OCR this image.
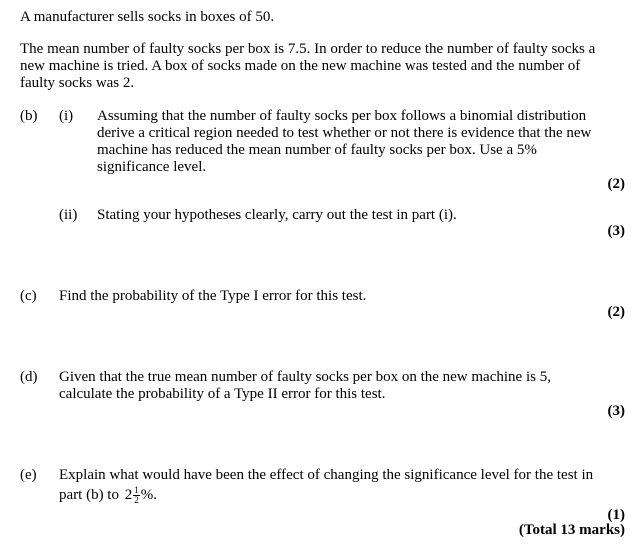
A manufacturer sells socks in boxes of 50.
The mean number of faulty socks per box is 7.5. In order to reduce the number of faulty socks a
new machine is tried. A box of socks made on the new machine was tested and the number of
faulty socks was 2.
(b) (i) Assuming that the number of faulty socks per box follows a binomial distribution
derive a critical region needed to test whether or not there is evidence that the new
machine has reduced the mean number of faulty socks per box. Use a 5%
significance level.
(2)
(ii) Stating your hypotheses clearly, carry out the test in part (i).
(3)
(c) Find the probability of the Type I error for this test.
(2)
(d) Given that the true mean number of faulty socks per box on the new machine is 5,
calculate the probability of a Type II error for this test.
(3)
(e) Explain what would have been the effect of changing the significance level for the test in
part (b) to $2 \frac{1}{2}$ %.
(1)
(Total 13 marks)
